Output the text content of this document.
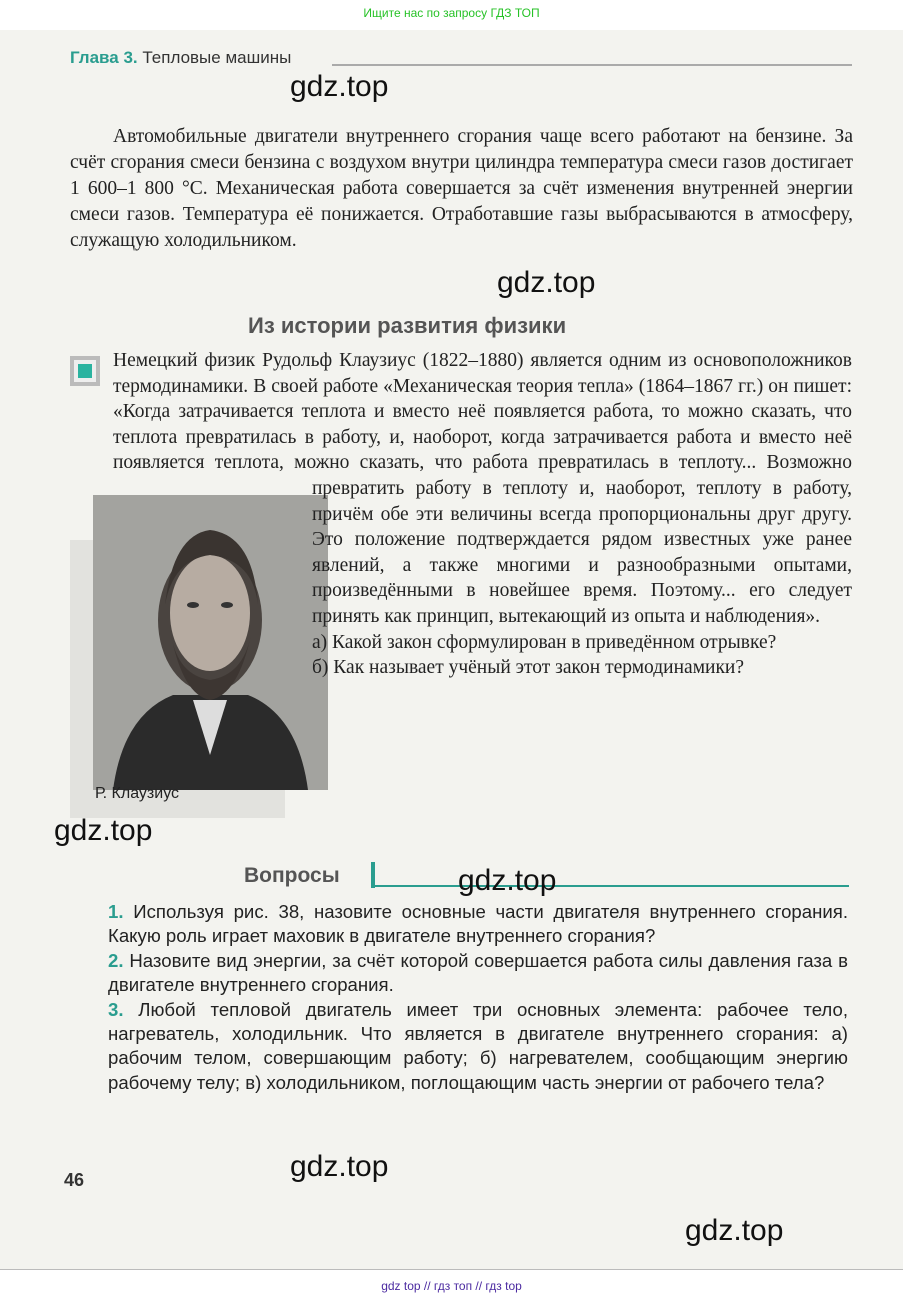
Ищите нас по запросу ГДЗ ТОП
Глава 3. Тепловые машины
Автомобильные двигатели внутреннего сгорания чаще всего работают на бензине. За счёт сгорания смеси бензина с воздухом внутри цилиндра температура смеси газов достигает 1 600–1 800 °С. Механическая работа совершается за счёт изменения внутренней энергии смеси газов. Температура её понижается. Отработавшие газы выбрасываются в атмосферу, служащую холодильником.
Из истории развития физики
Р. Клаузиус

Немецкий физик Рудольф Клаузиус (1822–1880) является одним из основоположников термодинамики. В своей работе «Механическая теория тепла» (1864–1867 гг.) он пишет: «Когда затрачивается теплота и вместо неё появляется работа, то можно сказать, что теплота превратилась в работу, и, наоборот, когда затрачивается работа и вместо неё появляется теплота, можно сказать, что работа превратилась в теплоту... Возможно превратить работу в теплоту и, наоборот, теплоту в работу, причём обе эти величины всегда пропорциональны друг другу. Это положение подтверждается рядом известных уже ранее явлений, а также многими и разнообразными опытами, произведёнными в новейшее время. Поэтому... его следует принять как принцип, вытекающий из опыта и наблюдения».

а) Какой закон сформулирован в приведённом отрывке?

б) Как называет учёный этот закон термодинамики?

Вопросы

1. Используя рис. 38, назовите основные части двигателя внутреннего сгорания. Какую роль играет маховик в двигателе внутреннего сгорания?

2. Назовите вид энергии, за счёт которой совершается работа силы давления газа в двигателе внутреннего сгорания.

3. Любой тепловой двигатель имеет три основных элемента: рабочее тело, нагреватель, холодильник. Что является в двигателе внутреннего сгорания: а) рабочим телом, совершающим работу; б) нагревателем, сообщающим энергию рабочему телу; в) холодильником, поглощающим часть энергии от рабочего тела?

46
gdz.top
gdz.top
gdz.top
gdz.top
gdz.top
gdz.top
gdz top // гдз топ // гдз top
